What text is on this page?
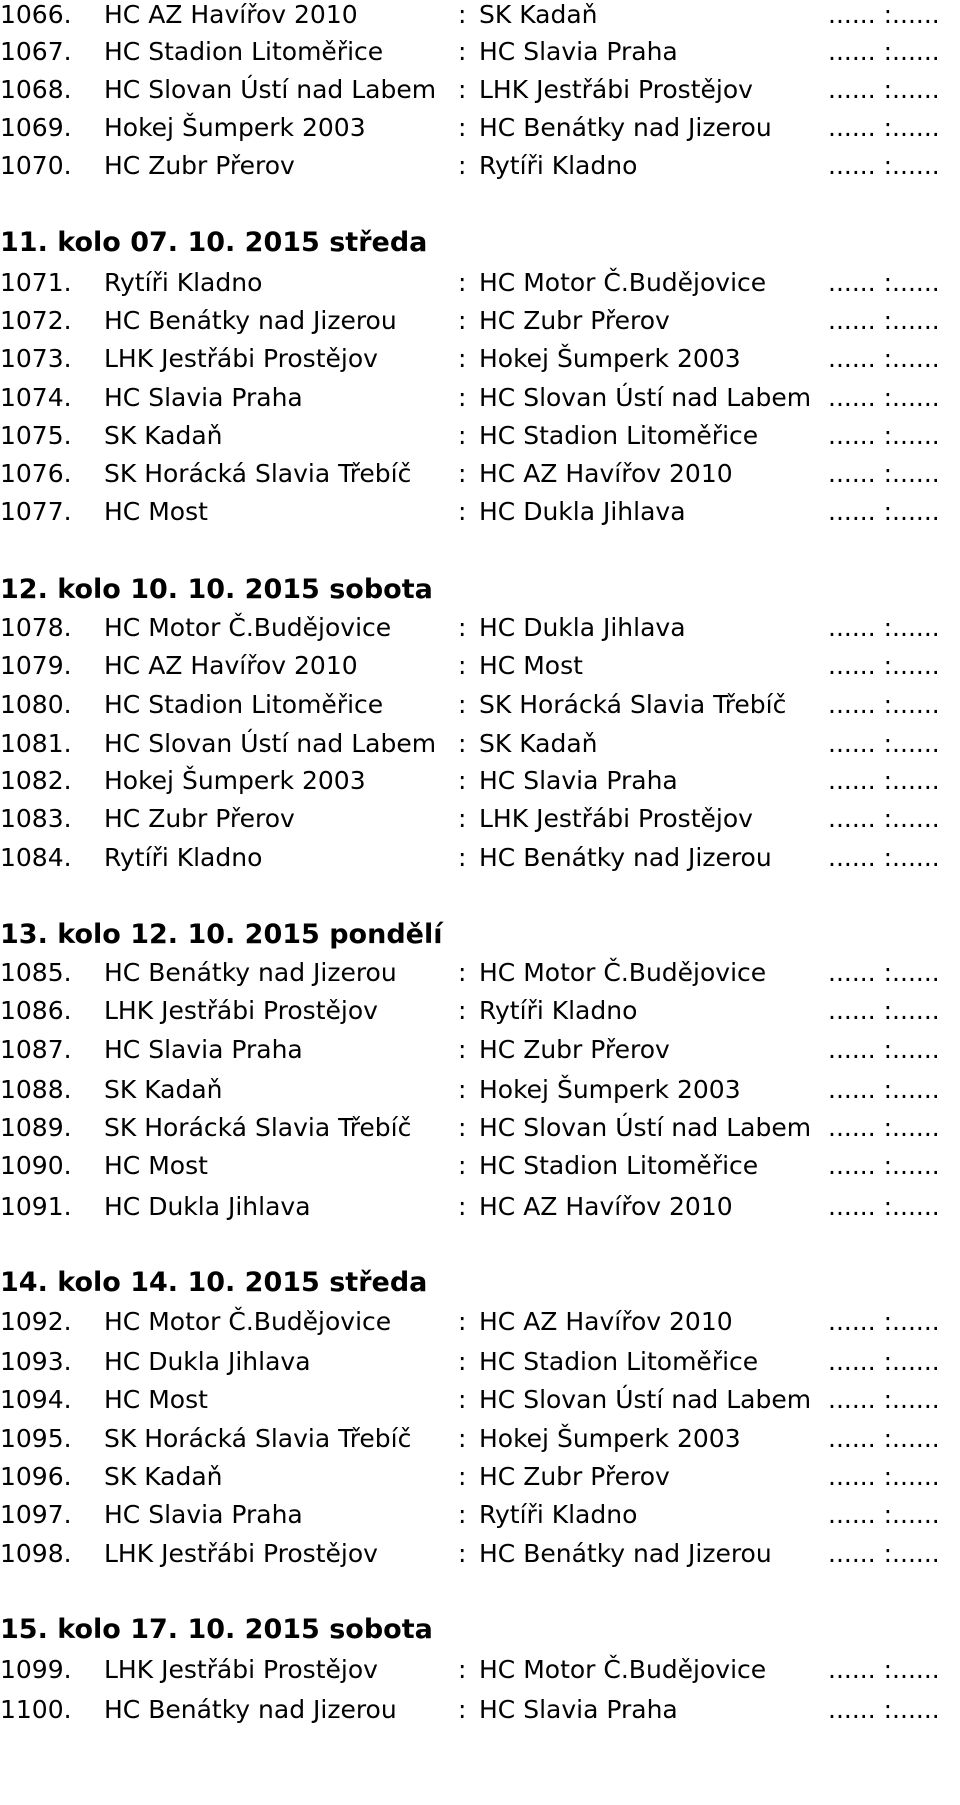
1066. HC AZ Havířov 2010	: SK Kadaň	...... :......
1067. HC Stadion Litoměřice	: HC Slavia Praha	...... :......
1068. HC Slovan Ústí nad Labem : LHK Jestřábi Prostějov	...... :......
1069. Hokej Šumperk 2003	: HC Benátky nad Jizerou ...... :......
1070. HC Zubr Přerov	: Rytíři Kladno	...... :......
11. kolo 07. 10. 2015 středa
1071. Rytíři Kladno	: HC Motor Č.Budějovice ...... :......
1072. HC Benátky nad Jizerou : HC Zubr Přerov	...... :......
1073. LHK Jestřábi Prostějov	: Hokej Šumperk 2003	...... :......
1074. HC Slavia Praha	: HC Slovan Ústí nad Labem ...... :......
1075. SK Kadaň	: HC Stadion Litoměřice	...... :......
1076. SK Horácká Slavia Třebíč : HC AZ Havířov 2010	...... :......
1077. HC Most	: HC Dukla Jihlava	...... :......
12. kolo 10. 10. 2015 sobota
1078. HC Motor Č.Budějovice	: HC Dukla Jihlava	...... :......
1079. HC AZ Havířov 2010	: HC Most	...... :......
1080. HC Stadion Litoměřice	: SK Horácká Slavia Třebíč ...... :......
1081. HC Slovan Ústí nad Labem : SK Kadaň	...... :......
1082. Hokej Šumperk 2003	: HC Slavia Praha	...... :......
1083. HC Zubr Přerov	: LHK Jestřábi Prostějov	...... :......
1084. Rytíři Kladno	: HC Benátky nad Jizerou ...... :......
13. kolo 12. 10. 2015 pondělí
1085. HC Benátky nad Jizerou : HC Motor Č.Budějovice ...... :......
1086. LHK Jestřábi Prostějov	: Rytíři Kladno	...... :......
1087. HC Slavia Praha	: HC Zubr Přerov	...... :......
1088. SK Kadaň	: Hokej Šumperk 2003	...... :......
1089. SK Horácká Slavia Třebíč : HC Slovan Ústí nad Labem ...... :......
1090. HC Most	: HC Stadion Litoměřice	...... :......
1091. HC Dukla Jihlava	: HC AZ Havířov 2010	...... :......
14. kolo 14. 10. 2015 středa
1092. HC Motor Č.Budějovice	: HC AZ Havířov 2010	...... :......
1093. HC Dukla Jihlava	: HC Stadion Litoměřice	...... :......
1094. HC Most	: HC Slovan Ústí nad Labem ...... :......
1095. SK Horácká Slavia Třebíč : Hokej Šumperk 2003	...... :......
1096. SK Kadaň	: HC Zubr Přerov	...... :......
1097. HC Slavia Praha	: Rytíři Kladno	...... :......
1098. LHK Jestřábi Prostějov	: HC Benátky nad Jizerou ...... :......
15. kolo 17. 10. 2015 sobota
1099. LHK Jestřábi Prostějov	: HC Motor Č.Budějovice ...... :......
1100. HC Benátky nad Jizerou : HC Slavia Praha	...... :......
